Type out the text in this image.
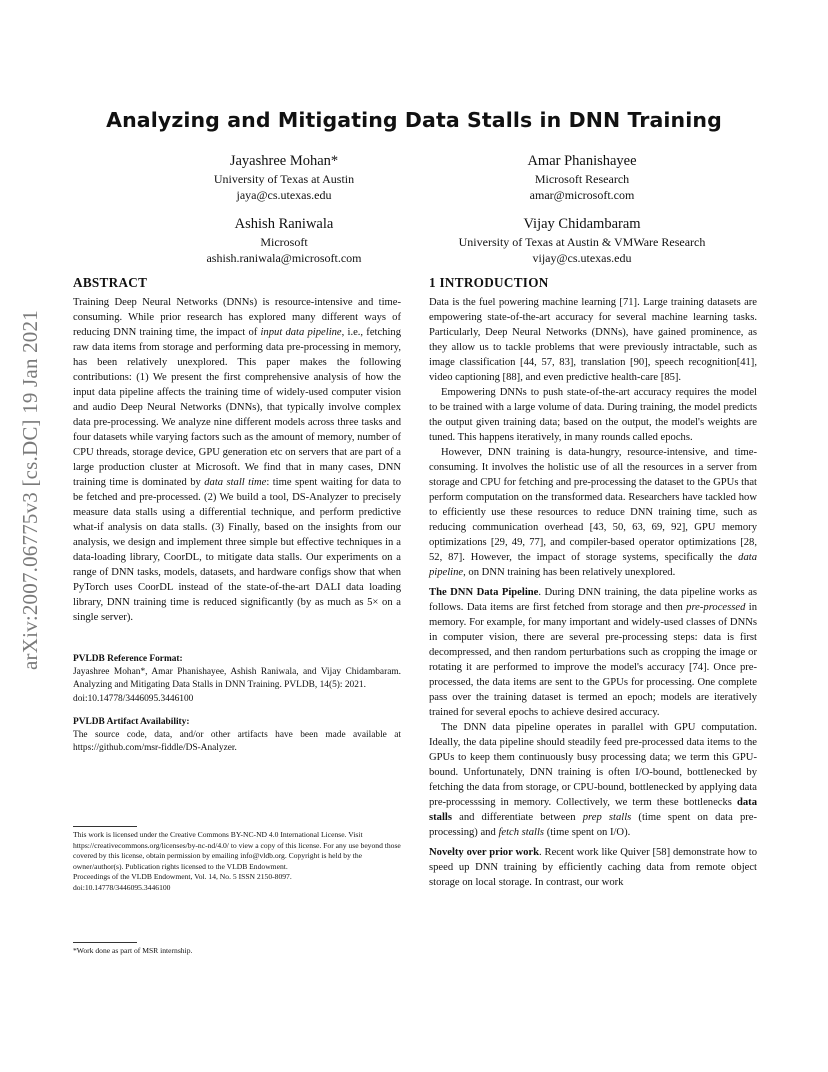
arXiv:2007.06775v3 [cs.DC] 19 Jan 2021
Analyzing and Mitigating Data Stalls in DNN Training
Jayashree Mohan*
University of Texas at Austin
jaya@cs.utexas.edu
Amar Phanishayee
Microsoft Research
amar@microsoft.com
Ashish Raniwala
Microsoft
ashish.raniwala@microsoft.com
Vijay Chidambaram
University of Texas at Austin & VMWare Research
vijay@cs.utexas.edu
ABSTRACT

Training Deep Neural Networks (DNNs) is resource-intensive and time-consuming. While prior research has explored many different ways of reducing DNN training time, the impact of input data pipeline, i.e., fetching raw data items from storage and performing data pre-processing in memory, has been relatively unexplored. This paper makes the following contributions: (1) We present the first comprehensive analysis of how the input data pipeline affects the training time of widely-used computer vision and audio Deep Neural Networks (DNNs), that typically involve complex data pre-processing. We analyze nine different models across three tasks and four datasets while varying factors such as the amount of memory, number of CPU threads, storage device, GPU generation etc on servers that are part of a large production cluster at Microsoft. We find that in many cases, DNN training time is dominated by data stall time: time spent waiting for data to be fetched and pre-processed. (2) We build a tool, DS-Analyzer to precisely measure data stalls using a differential technique, and perform predictive what-if analysis on data stalls. (3) Finally, based on the insights from our analysis, we design and implement three simple but effective techniques in a data-loading library, CoorDL, to mitigate data stalls. Our experiments on a range of DNN tasks, models, datasets, and hardware configs show that when PyTorch uses CoorDL instead of the state-of-the-art DALI data loading library, DNN training time is reduced significantly (by as much as 5× on a single server).

PVLDB Reference Format:
Jayashree Mohan*, Amar Phanishayee, Ashish Raniwala, and Vijay Chidambaram. Analyzing and Mitigating Data Stalls in DNN Training. PVLDB, 14(5): 2021.
doi:10.14778/3446095.3446100
PVLDB Artifact Availability:
The source code, data, and/or other artifacts have been made available at https://github.com/msr-fiddle/DS-Analyzer.
This work is licensed under the Creative Commons BY-NC-ND 4.0 International License. Visit https://creativecommons.org/licenses/by-nc-nd/4.0/ to view a copy of this license. For any use beyond those covered by this license, obtain permission by emailing info@vldb.org. Copyright is held by the owner/author(s). Publication rights licensed to the VLDB Endowment.
Proceedings of the VLDB Endowment, Vol. 14, No. 5 ISSN 2150-8097.
doi:10.14778/3446095.3446100
*Work done as part of MSR internship.
1 INTRODUCTION

Data is the fuel powering machine learning [71]. Large training datasets are empowering state-of-the-art accuracy for several machine learning tasks. Particularly, Deep Neural Networks (DNNs), have gained prominence, as they allow us to tackle problems that were previously intractable, such as image classification [44, 57, 83], translation [90], speech recognition[41], video captioning [88], and even predictive health-care [85].

Empowering DNNs to push state-of-the-art accuracy requires the model to be trained with a large volume of data. During training, the model predicts the output given training data; based on the output, the model's weights are tuned. This happens iteratively, in many rounds called epochs.

However, DNN training is data-hungry, resource-intensive, and time-consuming. It involves the holistic use of all the resources in a server from storage and CPU for fetching and pre-processing the dataset to the GPUs that perform computation on the transformed data. Researchers have tackled how to efficiently use these resources to reduce DNN training time, such as reducing communication overhead [43, 50, 63, 69, 92], GPU memory optimizations [29, 49, 77], and compiler-based operator optimizations [28, 52, 87]. However, the impact of storage systems, specifically the data pipeline, on DNN training has been relatively unexplored.

The DNN Data Pipeline. During DNN training, the data pipeline works as follows. Data items are first fetched from storage and then pre-processed in memory. For example, for many important and widely-used classes of DNNs in computer vision, there are several pre-processing steps: data is first decompressed, and then random perturbations such as cropping the image or rotating it are performed to improve the model's accuracy [74]. Once pre-processed, the data items are sent to the GPUs for processing. One complete pass over the training dataset is termed an epoch; models are iteratively trained for several epochs to achieve desired accuracy.

The DNN data pipeline operates in parallel with GPU computation. Ideally, the data pipeline should steadily feed pre-processed data items to the GPUs to keep them continuously busy processing data; we term this GPU-bound. Unfortunately, DNN training is often I/O-bound, bottlenecked by fetching the data from storage, or CPU-bound, bottlenecked by applying data pre-processsing in memory. Collectively, we term these bottlenecks data stalls and differentiate between prep stalls (time spent on data pre-processing) and fetch stalls (time spent on I/O).

Novelty over prior work. Recent work like Quiver [58] demonstrate how to speed up DNN training by efficiently caching data from remote object storage on local storage. In contrast, our work
